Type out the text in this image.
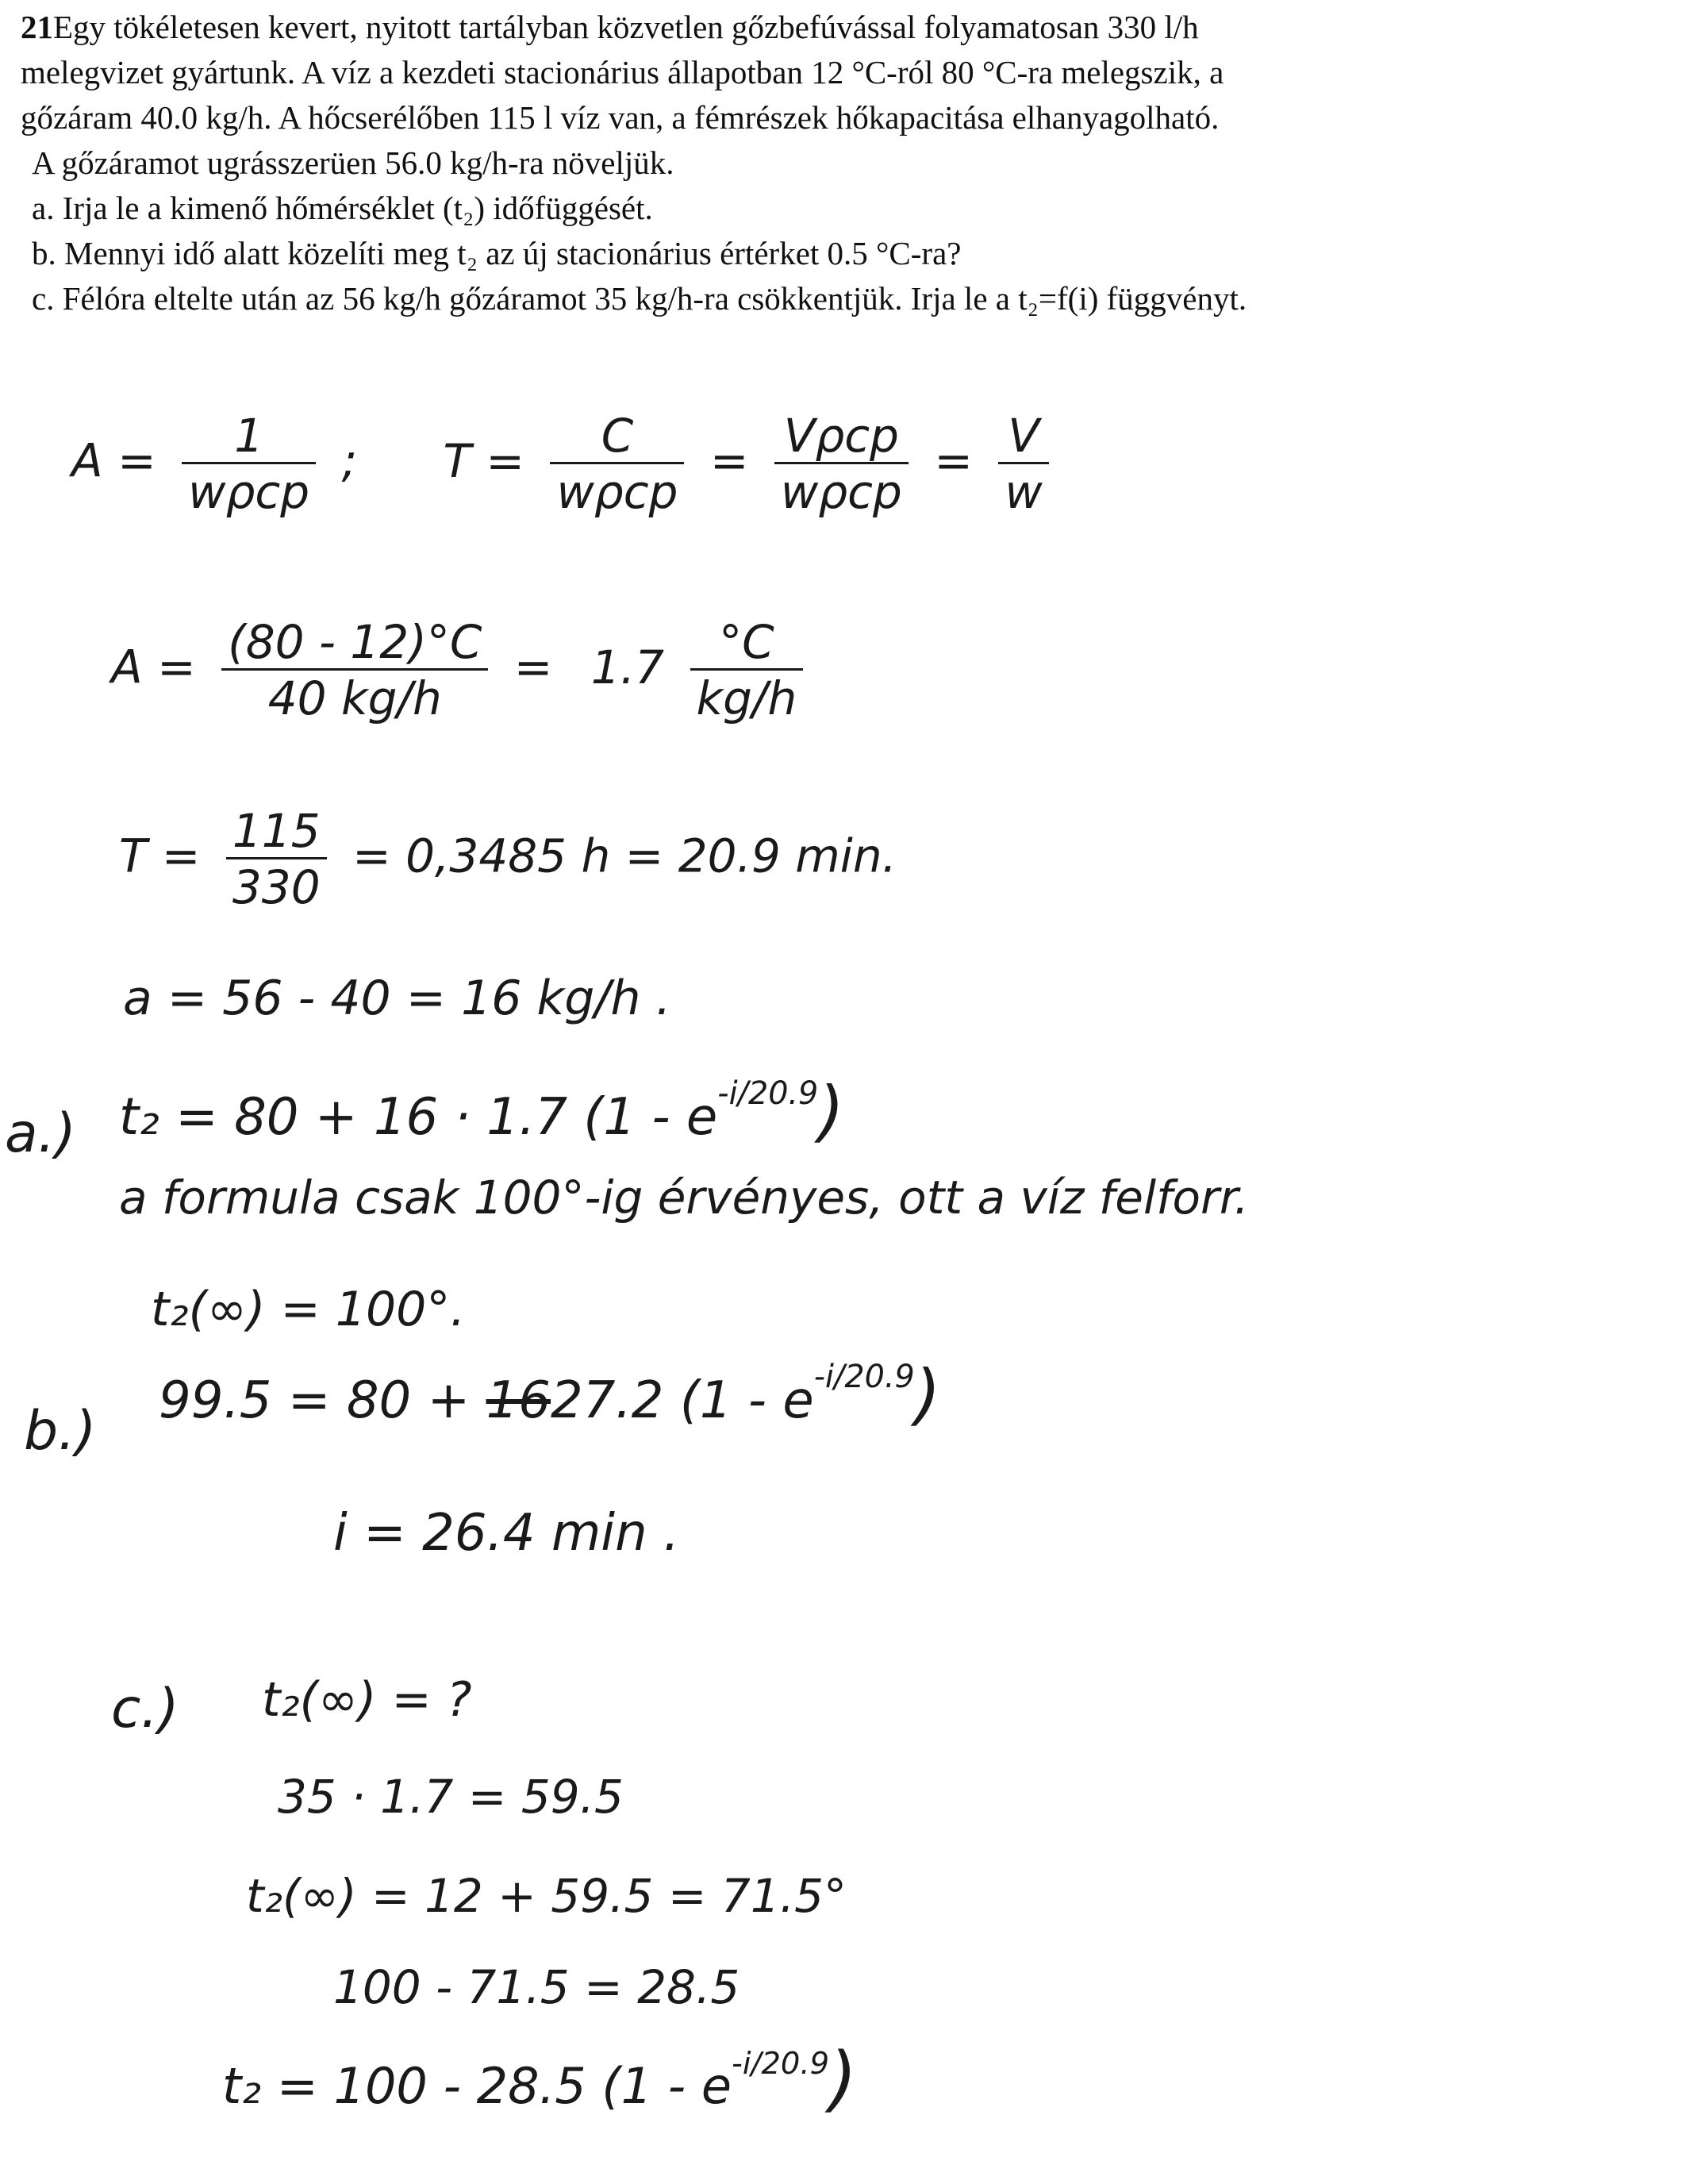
21Egy tökéletesen kevert, nyitott tartályban közvetlen gőzbefúvással folyamatosan 330 l/h
melegvizet gyártunk. A víz a kezdeti stacionárius állapotban 12 °C-ról 80 °C-ra melegszik, a
gőzáram 40.0 kg/h. A hőcserélőben 115 l víz van, a fémrészek hőkapacitása elhanyagolható.
A gőzáramot ugrásszerüen 56.0 kg/h-ra növeljük.
a. Irja le a kimenő hőmérséklet (t₂) időfüggését.
b. Mennyi idő alatt közelíti meg t₂ az új stacionárius értérket 0.5 °C-ra?
c. Félóra eltelte után az 56 kg/h gőzáramot 35 kg/h-ra csökkentjük. Irja le a t₂=f(i) függvényt.
$A = \frac{1}{\text{wρcp}}$ ; $T = \frac{C}{\text{wρcp}} = \frac{\text{Vρcp}}{\text{wρcp}} = \frac{V}{w}$
$A = \frac{(80 - 12)^\circ C}{40 kg/h} = 1.7 \frac{^\circ C}{kg/h}$
$T = \frac{115}{330} = 0,3485$ h = 20.9 min.
a = 56 - 40 = 16 kg/h .
a.) t₂ = 80 + 16 · 1.7 $(1 - e^{-i/20.9})$
a formula csak 100°-ig érvényes, ott a víz felforr.
t₂(∞) = 100°.
b.) 99.5 = 80 + 1627.2 $(1 - e^{-i/20.9})$
i = 26.4 min .
c.) t₂(∞) = ?
35 · 1.7 = 59.5
t₂(∞) = 12 + 59.5 = 71.5°
100 - 71.5 = 28.5
t₂ = 100 - 28.5 $(1 - e^{-i/20.9})$
